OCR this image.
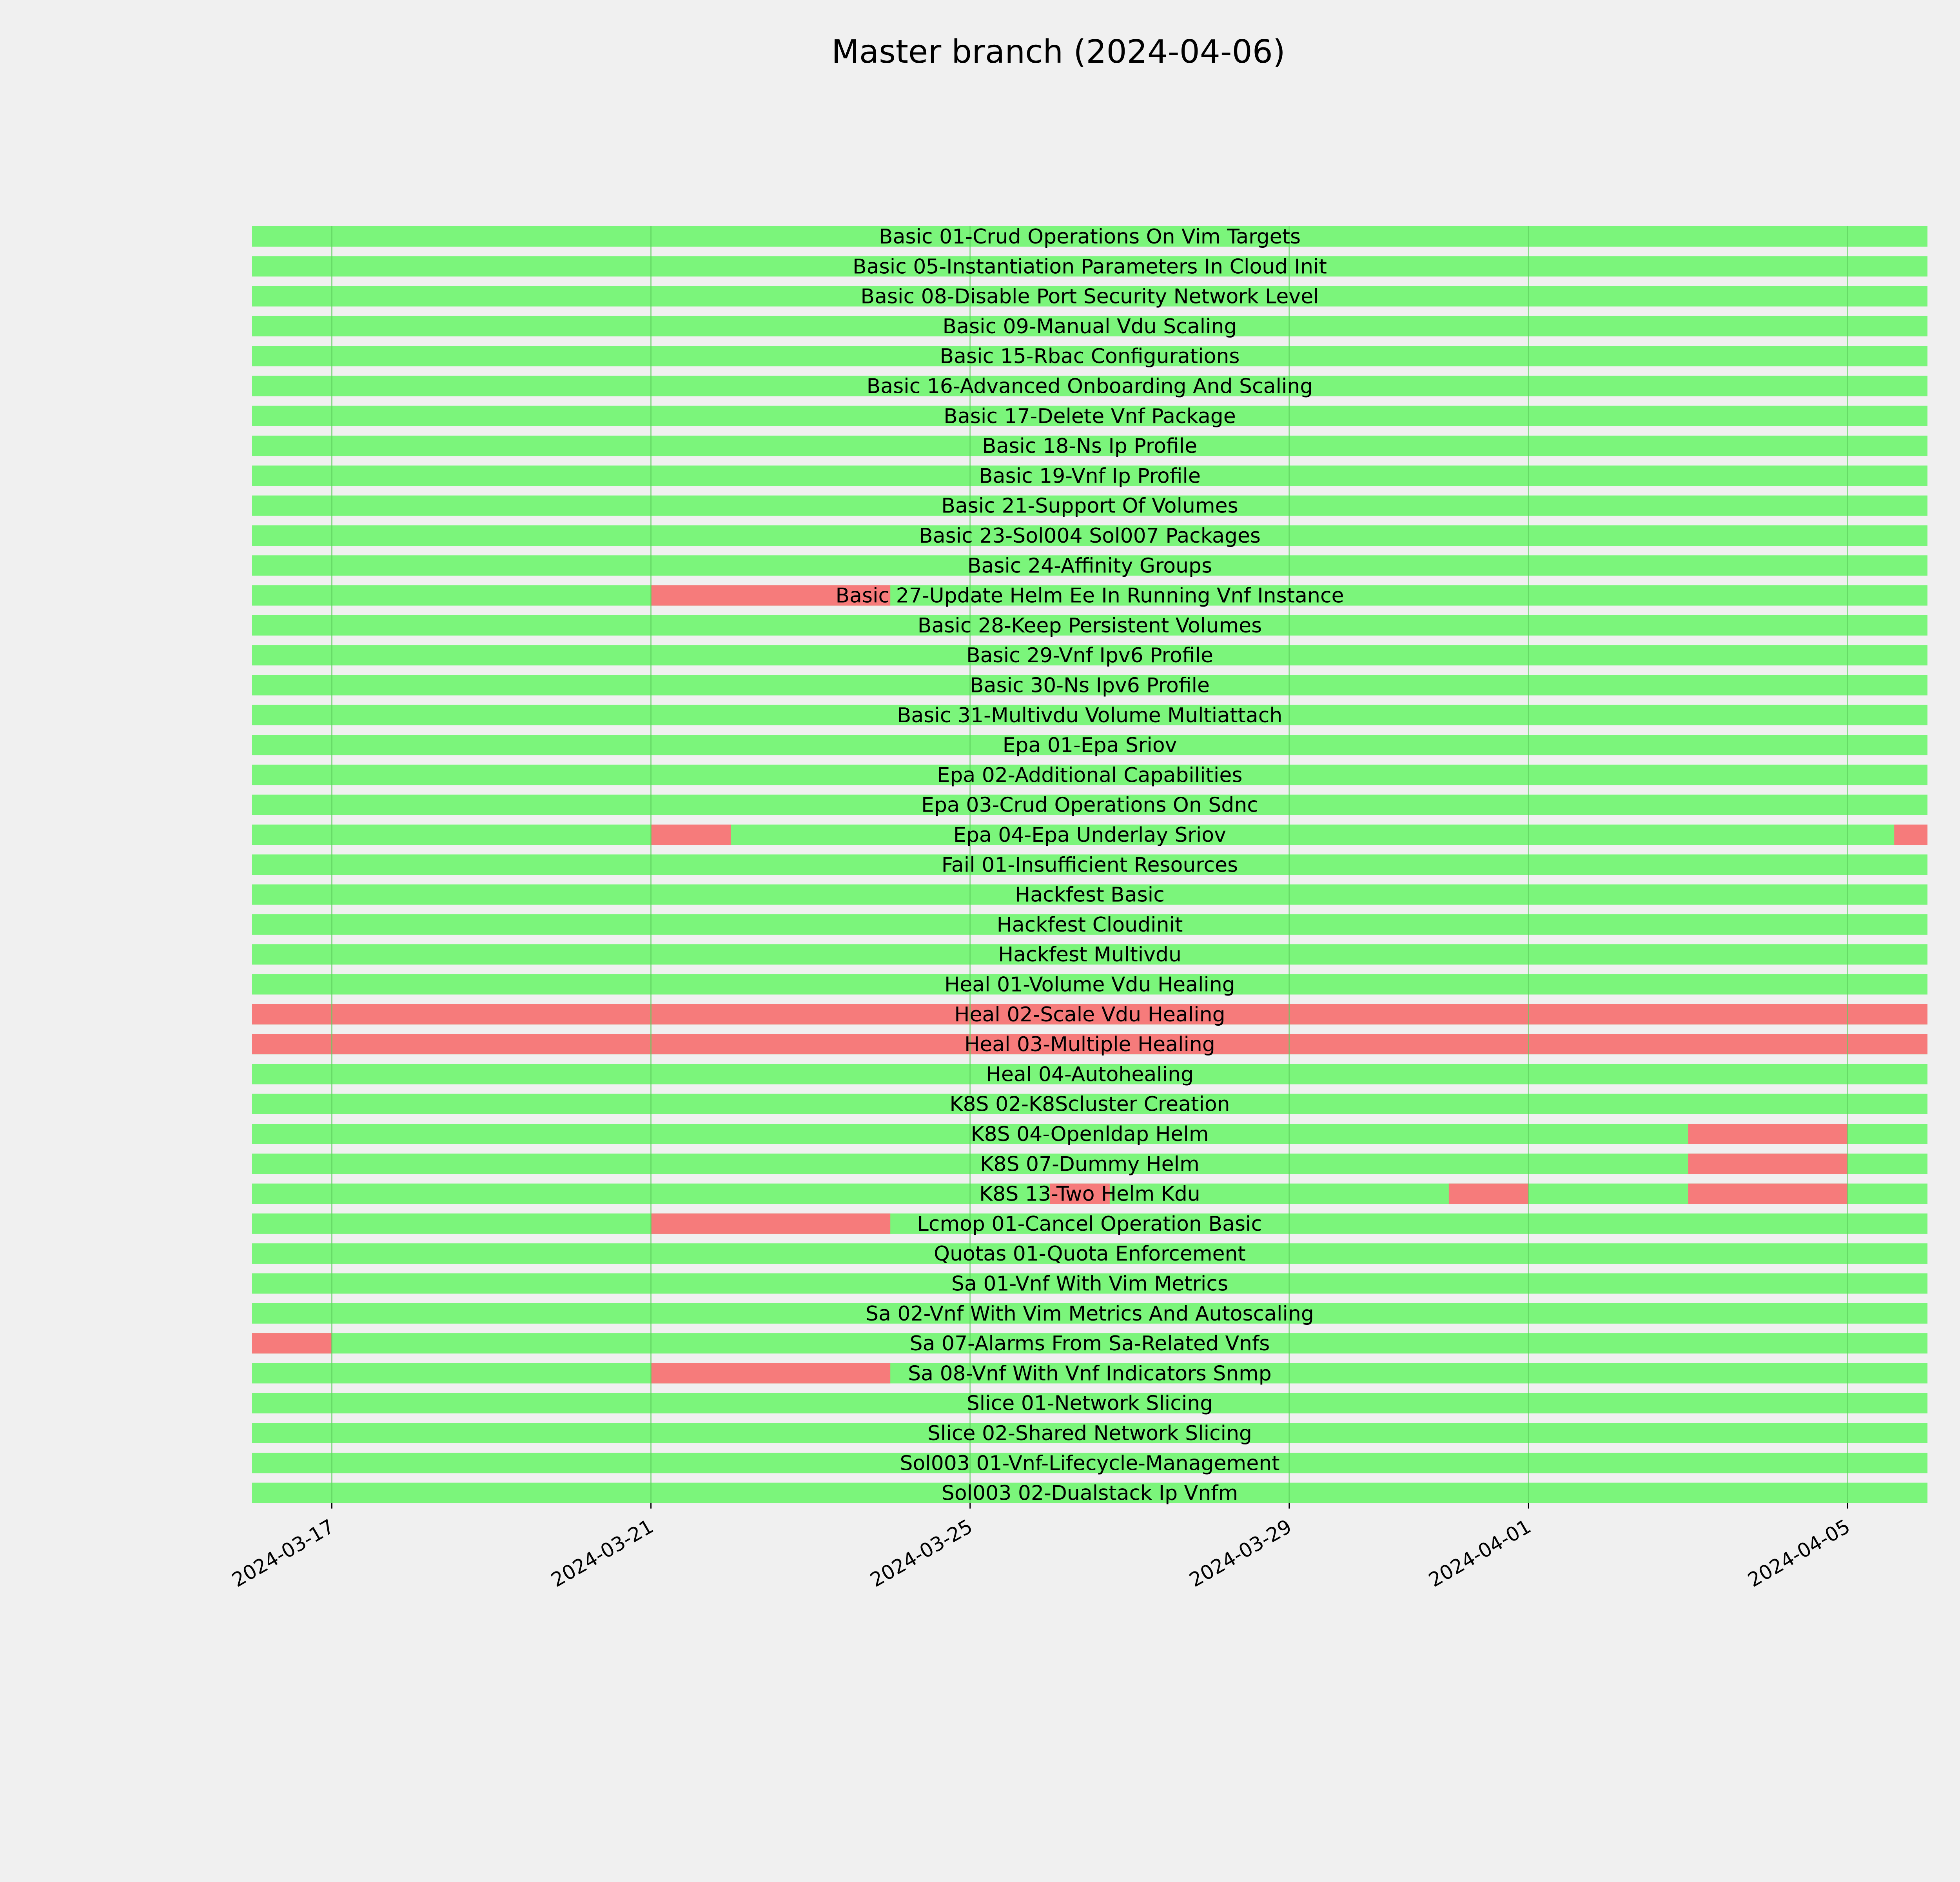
Master branch (2024-04-06)
Basic 01-Crud Operations On Vim Targets
Basic 05-Instantiation Parameters In Cloud Init
Basic 08-Disable Port Security Network Level
Basic 09-Manual Vdu Scaling
Basic 15-Rbac Configurations
Basic 16-Advanced Onboarding And Scaling
Basic 17-Delete Vnf Package
Basic 18-Ns Ip Profile
Basic 19-Vnf Ip Profile
Basic 21-Support Of Volumes
Basic 23-Sol004 Sol007 Packages
Basic 24-Affinity Groups
Basic 27-Update Helm Ee In Running Vnf Instance
Basic 28-Keep Persistent Volumes
Basic 29-Vnf Ipv6 Profile
Basic 30-Ns Ipv6 Profile
Basic 31-Multivdu Volume Multiattach
Epa 01-Epa Sriov
Epa 02-Additional Capabilities
Epa 03-Crud Operations On Sdnc
Epa 04-Epa Underlay Sriov
Fail 01-Insufficient Resources
Hackfest Basic
Hackfest Cloudinit
Hackfest Multivdu
Heal 01-Volume Vdu Healing
Heal 02-Scale Vdu Healing
Heal 03-Multiple Healing
Heal 04-Autohealing
K8S 02-K8Scluster Creation
K8S 04-Openldap Helm
K8S 07-Dummy Helm
K8S 13-Two Helm Kdu
Lcmop 01-Cancel Operation Basic
Quotas 01-Quota Enforcement
Sa 01-Vnf With Vim Metrics
Sa 02-Vnf With Vim Metrics And Autoscaling
Sa 07-Alarms From Sa-Related Vnfs
Sa 08-Vnf With Vnf Indicators Snmp
Slice 01-Network Slicing
Slice 02-Shared Network Slicing
Sol003 01-Vnf-Lifecycle-Management
Sol003 02-Dualstack Ip Vnfm
2024-03-17	2024-03-21	2024-03-25	2024-03-29	2024-04-01	2024-04-05
